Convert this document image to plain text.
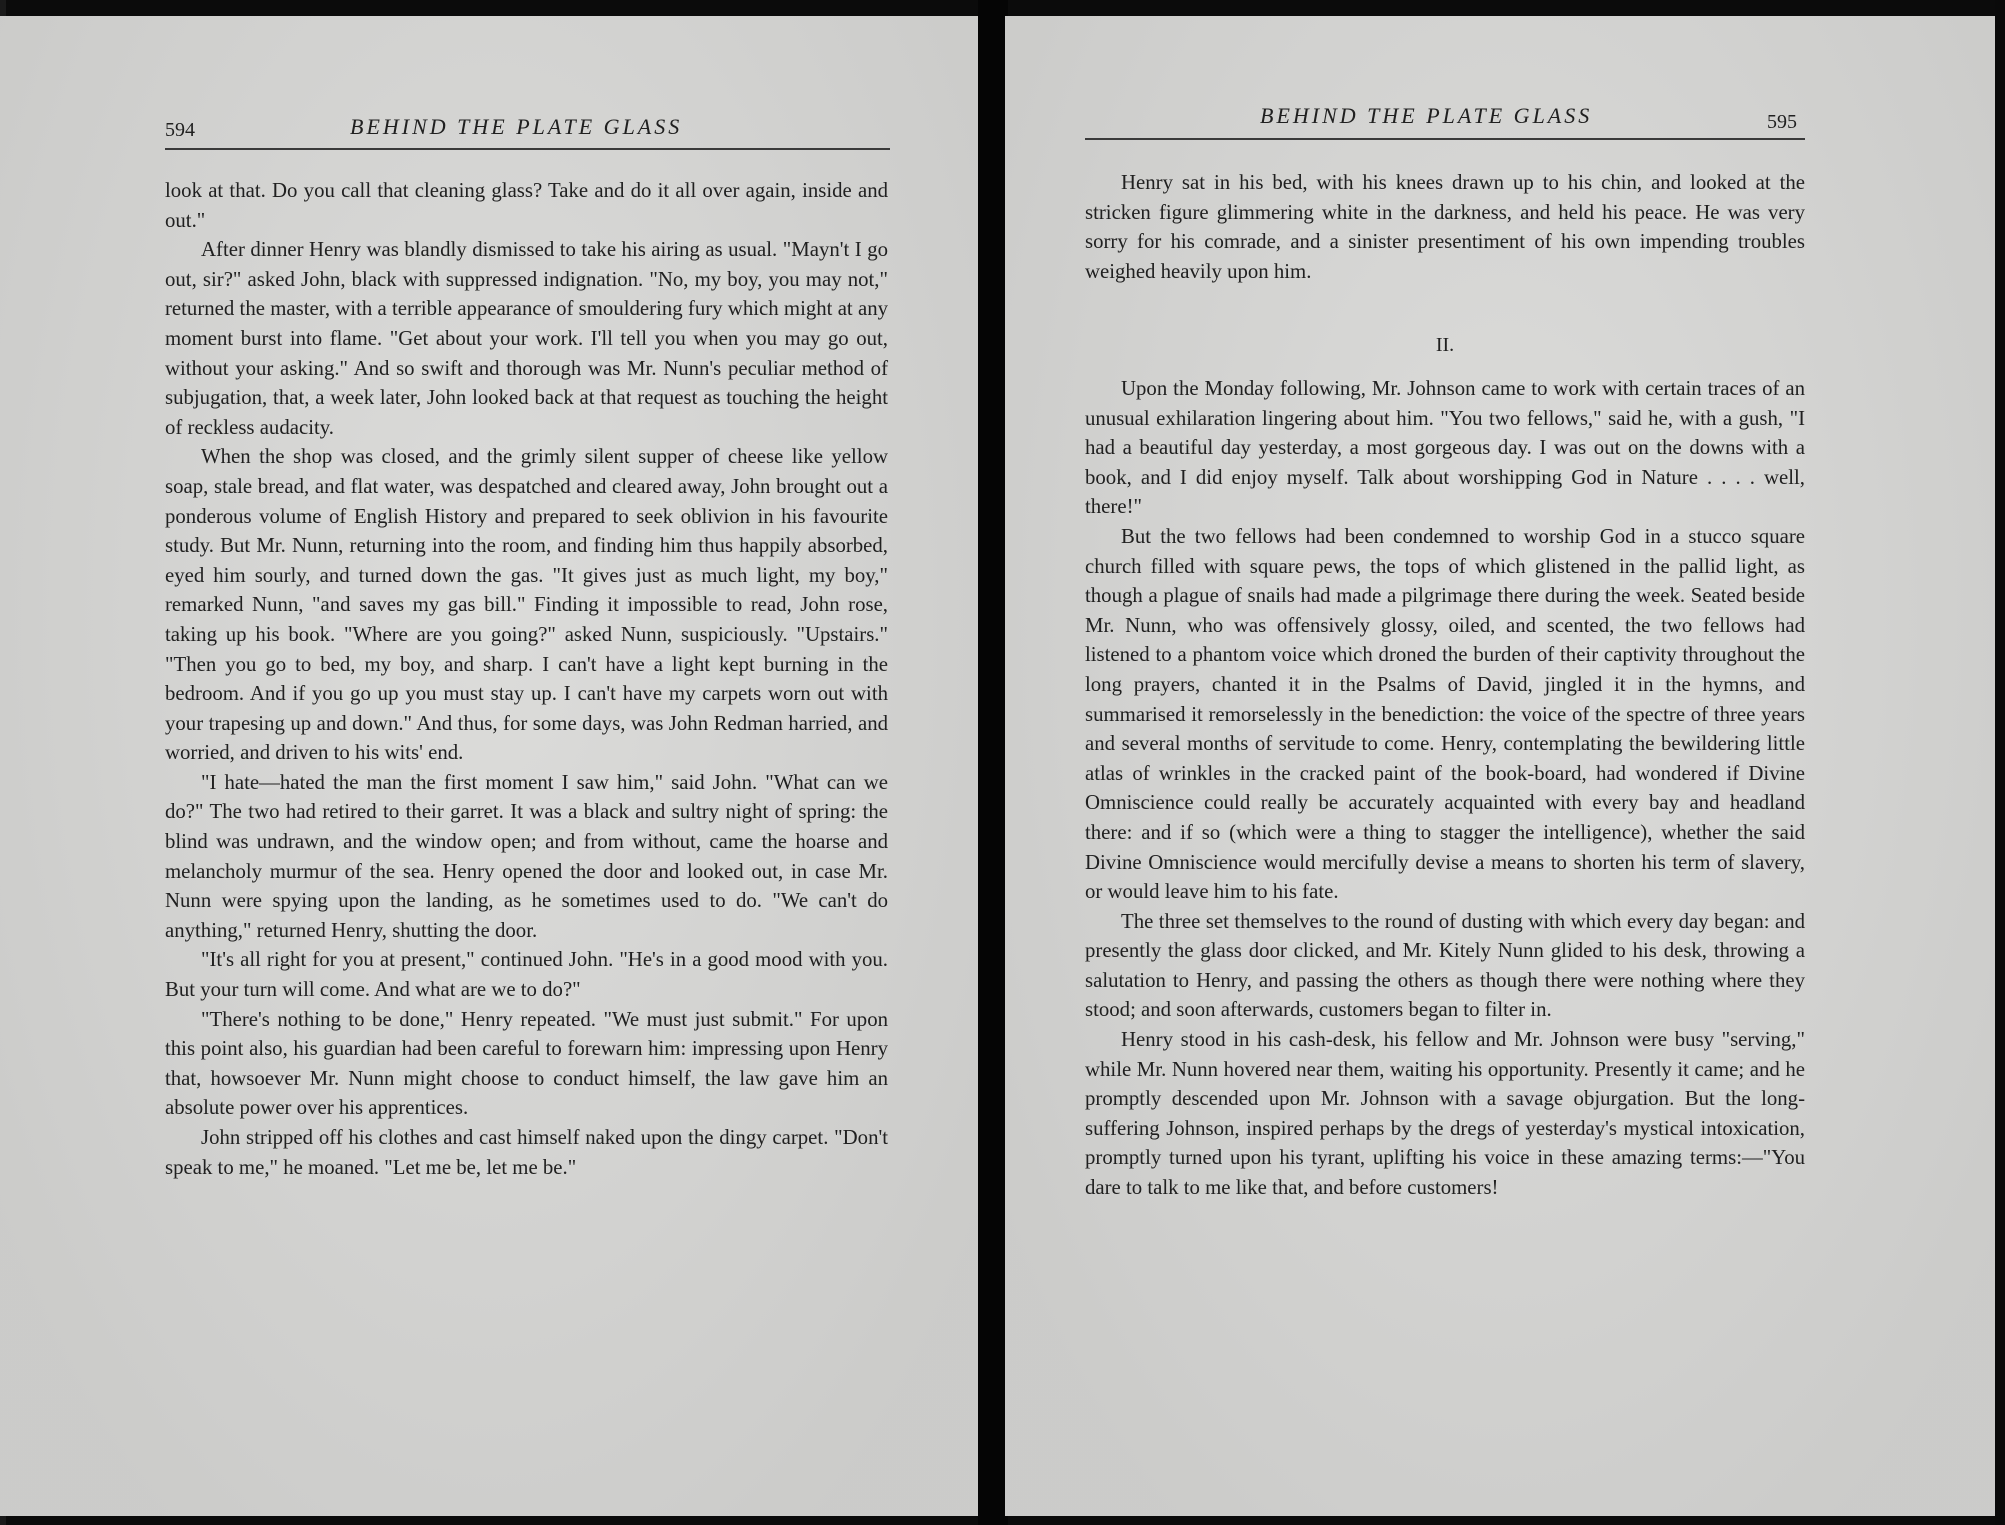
594	BEHIND THE PLATE GLASS

look at that. Do you call that cleaning glass? Take and do it all over again, inside and out."

After dinner Henry was blandly dismissed to take his airing as usual. "Mayn't I go out, sir?" asked John, black with suppressed indignation. "No, my boy, you may not," returned the master, with a terrible appearance of smouldering fury which might at any moment burst into flame. "Get about your work. I'll tell you when you may go out, without your asking." And so swift and thorough was Mr. Nunn's peculiar method of subjugation, that, a week later, John looked back at that request as touching the height of reckless audacity.

When the shop was closed, and the grimly silent supper of cheese like yellow soap, stale bread, and flat water, was despatched and cleared away, John brought out a ponderous volume of English History and prepared to seek oblivion in his favourite study. But Mr. Nunn, returning into the room, and finding him thus happily absorbed, eyed him sourly, and turned down the gas. "It gives just as much light, my boy," remarked Nunn, "and saves my gas bill." Finding it impossible to read, John rose, taking up his book. "Where are you going?" asked Nunn, suspiciously. "Upstairs." "Then you go to bed, my boy, and sharp. I can't have a light kept burning in the bedroom. And if you go up you must stay up. I can't have my carpets worn out with your trapesing up and down." And thus, for some days, was John Redman harried, and worried, and driven to his wits' end.

"I hate—hated the man the first moment I saw him," said John. "What can we do?" The two had retired to their garret. It was a black and sultry night of spring: the blind was undrawn, and the window open; and from without, came the hoarse and melancholy murmur of the sea. Henry opened the door and looked out, in case Mr. Nunn were spying upon the landing, as he sometimes used to do. "We can't do anything," returned Henry, shutting the door.

"It's all right for you at present," continued John. "He's in a good mood with you. But your turn will come. And what are we to do?"

"There's nothing to be done," Henry repeated. "We must just submit." For upon this point also, his guardian had been careful to forewarn him: impressing upon Henry that, howsoever Mr. Nunn might choose to conduct himself, the law gave him an absolute power over his apprentices.

John stripped off his clothes and cast himself naked upon the dingy carpet. "Don't speak to me," he moaned. "Let me be, let me be."

BEHIND THE PLATE GLASS	595

Henry sat in his bed, with his knees drawn up to his chin, and looked at the stricken figure glimmering white in the darkness, and held his peace. He was very sorry for his comrade, and a sinister presentiment of his own impending troubles weighed heavily upon him.

II.

Upon the Monday following, Mr. Johnson came to work with certain traces of an unusual exhilaration lingering about him. "You two fellows," said he, with a gush, "I had a beautiful day yesterday, a most gorgeous day. I was out on the downs with a book, and I did enjoy myself. Talk about worshipping God in Nature . . . . well, there!"

But the two fellows had been condemned to worship God in a stucco square church filled with square pews, the tops of which glistened in the pallid light, as though a plague of snails had made a pilgrimage there during the week. Seated beside Mr. Nunn, who was offensively glossy, oiled, and scented, the two fellows had listened to a phantom voice which droned the burden of their captivity throughout the long prayers, chanted it in the Psalms of David, jingled it in the hymns, and summarised it remorselessly in the benediction: the voice of the spectre of three years and several months of servitude to come. Henry, contemplating the bewildering little atlas of wrinkles in the cracked paint of the book-board, had wondered if Divine Omniscience could really be accurately acquainted with every bay and headland there: and if so (which were a thing to stagger the intelligence), whether the said Divine Omniscience would mercifully devise a means to shorten his term of slavery, or would leave him to his fate.

The three set themselves to the round of dusting with which every day began: and presently the glass door clicked, and Mr. Kitely Nunn glided to his desk, throwing a salutation to Henry, and passing the others as though there were nothing where they stood; and soon afterwards, customers began to filter in.

Henry stood in his cash-desk, his fellow and Mr. Johnson were busy "serving," while Mr. Nunn hovered near them, waiting his opportunity. Presently it came; and he promptly descended upon Mr. Johnson with a savage objurgation. But the long-suffering Johnson, inspired perhaps by the dregs of yesterday's mystical intoxication, promptly turned upon his tyrant, uplifting his voice in these amazing terms:—"You dare to talk to me like that, and before customers!
